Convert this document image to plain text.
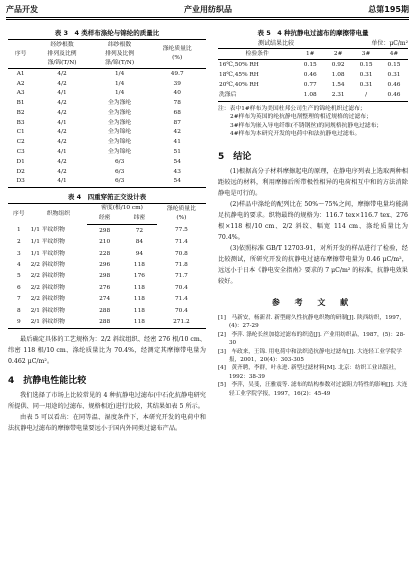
产品开发	产业用纺织品	总第195期
表 3　4 类样布涤纶与锦纶的质量比
序号	经纱根数
排列及比例
涤/锦(T/N)	纬纱根数
排列及比例
涤/锦(T/N)	涤纶质量比
(%)
A1	4/2	1/4	49.7
A2	4/2	1/4	39
A3	4/1	1/4	40
B1	4/2	全为涤纶	78
B2	4/2	全为涤纶	68
B3	4/1	全为涤纶	87
C1	4/2	全为锦纶	42
C2	4/2	全为锦纶	41
C3	4/1	全为锦纶	51
D1	4/2	6/3	54
D2	4/2	6/3	43
D3	4/1	6/3	54
表 4　四重穿筘正交设计表
序号	织物组织	密度(根/10 cm)		涤纶质量比
(%)
		经密	纬密	
1	1/1 平纹织物	298	72	77.5
2	1/1 平纹织物	210	84	71.4
3	1/1 平纹织物	228	94	70.8
4	2/2 斜纹织物	296	118	71.8
5	2/2 斜纹织物	298	176	71.7
6	2/2 斜纹织物	276	118	70.4
7	2/2 斜纹织物	274	118	71.4
8	2/1 斜纹织物	288	118	70.4
9	2/1 斜纹织物	288	118	271.2

最后确定具体的工艺规格为：2/2 斜纹组织、经密 276 根/10 cm、纬密 118 根/10 cm、涤纶质量比为 70.4%，经测定其摩擦带电量为 0.462 μC/m²。

4　抗静电性能比较

我们选择了市场上比较常见的 4 种抗静电过滤布(中石化抗静电研究所提供、同一用途的过滤布、规格相近)进行比较，其结果如表 5 所示。

由表 5 可以看出：在同等温、湿度条件下，本研究开发的电荷中和法抗静电过滤布的摩擦带电量要远小于国内外同类过滤布产品。

表 5　4 种抗静电过滤布的摩擦带电量
测试结果比较	单位：μC/m²
检验条件	1#	2#	3#	4#
16℃,50% RH	0.15	0.92	0.15	0.15
18℃,45% RH	0.46	1.08	0.31	0.31
20℃,40% RH	0.77	1.54	0.31	0.46
洗涤后	1.08	2.31	/	0.46

注：表中1#样布为美国杜邦公司生产的锦纶机织过滤布；

2#样布为英国的纶抗静电剂整理的相近规格的过滤布；

3#样布为嵌入导电纤维(不锈钢丝)的同规格抗静电过滤布；

4#样布为本研究开发的电荷中和法抗静电过滤布。

5　结论

(1)根据高分子材料摩擦起电的原理，在静电序列表上选取两种相距较远的材料，利用摩擦后所带极性相异的电荷相互中和的方法消除静电是可行的。

(2)样品中涤纶的配列比在 50%～75%之间，摩擦带电量均能满足抗静电的要求。织物最终的规格为：116.7 tex×116.7 tex、276 根×118 根/10 cm、2/2 斜纹、幅宽 114 cm、涤纶质量比为 70.4%。

(3)依照标准 GB/T 12703-91，对所开发的样品进行了检验，经比较测试，所研究开发的抗静电过滤布摩擦带电量为 0.46 μC/m²，远远小于日本《静电安全指南》要求的 7 μC/m² 的标准，抗静电效果较好。

参 考 文 献

[1]　马新安，杨新君. 新型耐久性抗静电织物的研制[J]. 陕西纺织，1997，(4)：27-29

[2]　李萍. 涤纶长丝加捻过滤布的织造[J]. 产业用纺织品，1987，(5)：28-30

[3]　车政来，王锦. 用电荷中和法织造抗静电过滤布[J]. 大连轻工业学院学报，2001，20(4)：303-305

[4]　黄齐聘，李群，叶永进. 新型过滤材料[M]. 北京：纺织工业出版社，1992：38-39

[5]　李萍，吴斐，汪雅震等. 滤布的结构参数对过滤阻力特性的影响[J]. 大连轻工业学院学报，1997，16(2)：45-49
